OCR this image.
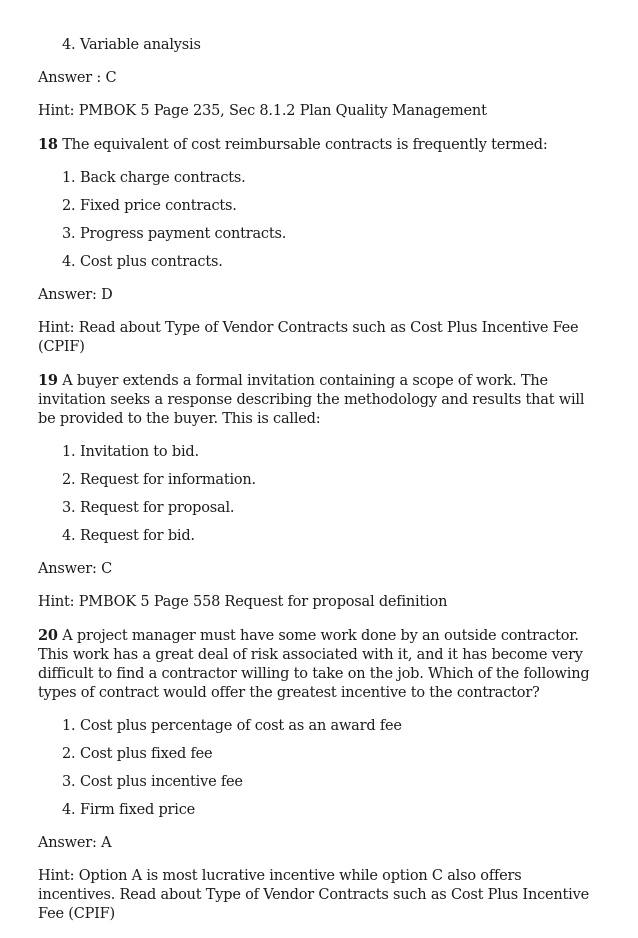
4. Variable analysis

Answer : C

Hint: PMBOK 5 Page 235, Sec 8.1.2 Plan Quality Management

18 The equivalent of cost reimbursable contracts is frequently termed:

1. Back charge contracts.
2. Fixed price contracts.
3. Progress payment contracts.
4. Cost plus contracts.

Answer: D

Hint: Read about Type of Vendor Contracts such as Cost Plus Incentive Fee (CPIF)

19 A buyer extends a formal invitation containing a scope of work. The invitation seeks a response describing the methodology and results that will be provided to the buyer. This is called:

1. Invitation to bid.
2. Request for information.
3. Request for proposal.
4. Request for bid.

Answer: C

Hint: PMBOK 5 Page 558 Request for proposal definition

20 A project manager must have some work done by an outside contractor. This work has a great deal of risk associated with it, and it has become very difficult to find a contractor willing to take on the job. Which of the following types of contract would offer the greatest incentive to the contractor?

1. Cost plus percentage of cost as an award fee
2. Cost plus fixed fee
3. Cost plus incentive fee
4. Firm fixed price

Answer: A

Hint: Option A is most lucrative incentive while option C also offers incentives. Read about Type of Vendor Contracts such as Cost Plus Incentive Fee (CPIF)
